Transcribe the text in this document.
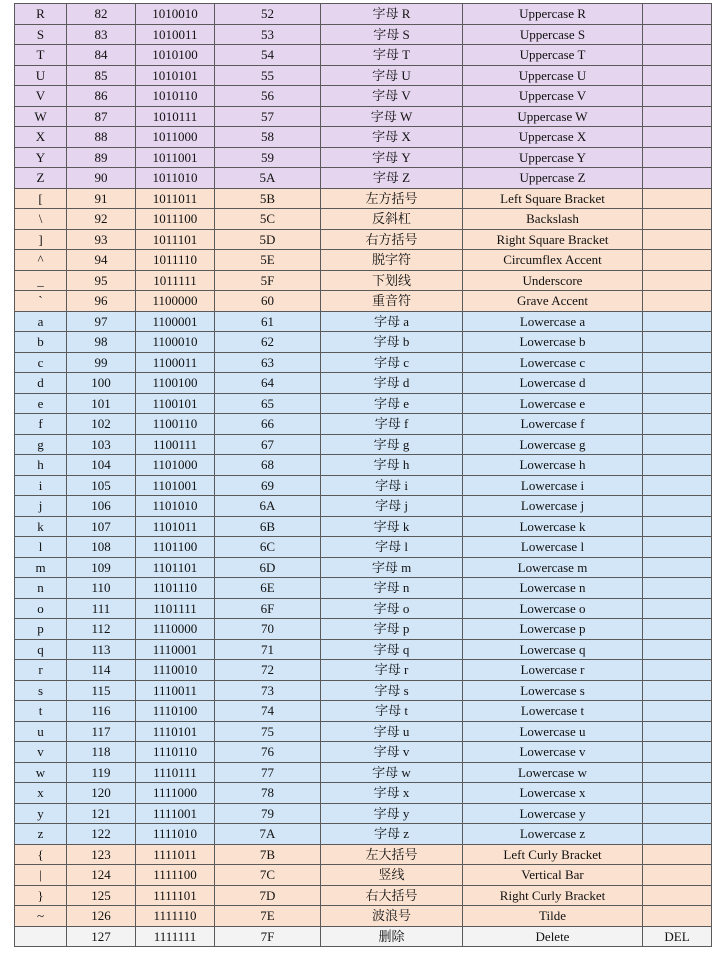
R	82	1010010	52	字母 R	Uppercase R	
S	83	1010011	53	字母 S	Uppercase S	
T	84	1010100	54	字母 T	Uppercase T	
U	85	1010101	55	字母 U	Uppercase U	
V	86	1010110	56	字母 V	Uppercase V	
W	87	1010111	57	字母 W	Uppercase W	
X	88	1011000	58	字母 X	Uppercase X	
Y	89	1011001	59	字母 Y	Uppercase Y	
Z	90	1011010	5A	字母 Z	Uppercase Z	
[	91	1011011	5B	左方括号	Left Square Bracket	
\	92	1011100	5C	反斜杠	Backslash	
]	93	1011101	5D	右方括号	Right Square Bracket	
^	94	1011110	5E	脱字符	Circumflex Accent	
_	95	1011111	5F	下划线	Underscore	
`	96	1100000	60	重音符	Grave Accent	
a	97	1100001	61	字母 a	Lowercase a	
b	98	1100010	62	字母 b	Lowercase b	
c	99	1100011	63	字母 c	Lowercase c	
d	100	1100100	64	字母 d	Lowercase d	
e	101	1100101	65	字母 e	Lowercase e	
f	102	1100110	66	字母 f	Lowercase f	
g	103	1100111	67	字母 g	Lowercase g	
h	104	1101000	68	字母 h	Lowercase h	
i	105	1101001	69	字母 i	Lowercase i	
j	106	1101010	6A	字母 j	Lowercase j	
k	107	1101011	6B	字母 k	Lowercase k	
l	108	1101100	6C	字母 l	Lowercase l	
m	109	1101101	6D	字母 m	Lowercase m	
n	110	1101110	6E	字母 n	Lowercase n	
o	111	1101111	6F	字母 o	Lowercase o	
p	112	1110000	70	字母 p	Lowercase p	
q	113	1110001	71	字母 q	Lowercase q	
r	114	1110010	72	字母 r	Lowercase r	
s	115	1110011	73	字母 s	Lowercase s	
t	116	1110100	74	字母 t	Lowercase t	
u	117	1110101	75	字母 u	Lowercase u	
v	118	1110110	76	字母 v	Lowercase v	
w	119	1110111	77	字母 w	Lowercase w	
x	120	1111000	78	字母 x	Lowercase x	
y	121	1111001	79	字母 y	Lowercase y	
z	122	1111010	7A	字母 z	Lowercase z	
{	123	1111011	7B	左大括号	Left Curly Bracket	
|	124	1111100	7C	竖线	Vertical Bar	
}	125	1111101	7D	右大括号	Right Curly Bracket	
~	126	1111110	7E	波浪号	Tilde	
	127	1111111	7F	删除	Delete	DEL
